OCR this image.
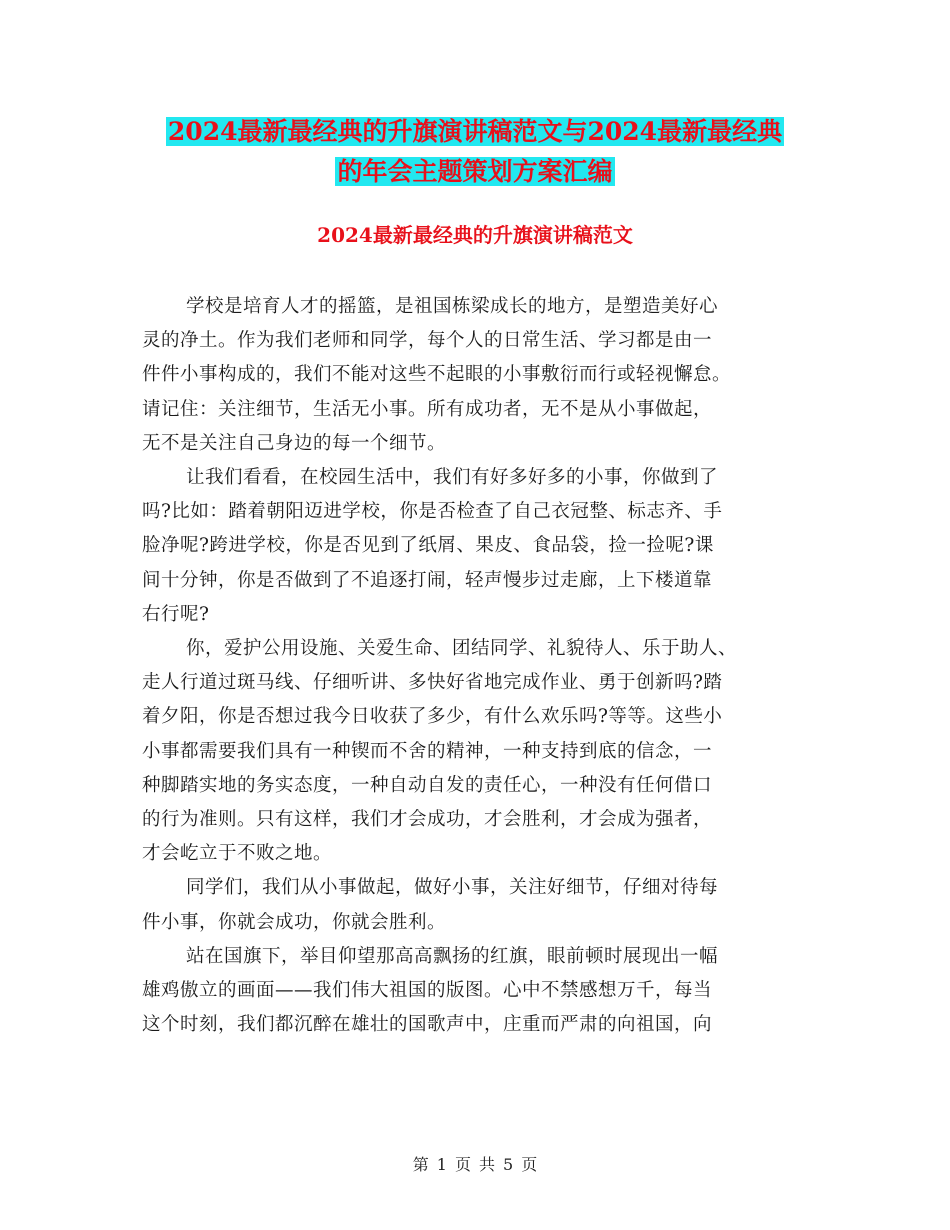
2024最新最经典的升旗演讲稿范文与2024最新最经典
的年会主题策划方案汇编
2024最新最经典的升旗演讲稿范文

学校是培育人才的摇篮，是祖国栋梁成长的地方，是塑造美好心
灵的净土。作为我们老师和同学，每个人的日常生活、学习都是由一
件件小事构成的，我们不能对这些不起眼的小事敷衍而行或轻视懈怠。
请记住：关注细节，生活无小事。所有成功者，无不是从小事做起，
无不是关注自己身边的每一个细节。

让我们看看，在校园生活中，我们有好多好多的小事，你做到了
吗?比如：踏着朝阳迈进学校，你是否检查了自己衣冠整、标志齐、手
脸净呢?跨进学校，你是否见到了纸屑、果皮、食品袋，捡一捡呢?课
间十分钟，你是否做到了不追逐打闹，轻声慢步过走廊，上下楼道靠
右行呢?

你，爱护公用设施、关爱生命、团结同学、礼貌待人、乐于助人、
走人行道过斑马线、仔细听讲、多快好省地完成作业、勇于创新吗?踏
着夕阳，你是否想过我今日收获了多少，有什么欢乐吗?等等。这些小
小事都需要我们具有一种锲而不舍的精神，一种支持到底的信念，一
种脚踏实地的务实态度，一种自动自发的责任心，一种没有任何借口
的行为准则。只有这样，我们才会成功，才会胜利，才会成为强者，
才会屹立于不败之地。

同学们，我们从小事做起，做好小事，关注好细节，仔细对待每
件小事，你就会成功，你就会胜利。

站在国旗下，举目仰望那高高飘扬的红旗，眼前顿时展现出一幅
雄鸡傲立的画面——我们伟大祖国的版图。心中不禁感想万千，每当
这个时刻，我们都沉醉在雄壮的国歌声中，庄重而严肃的向祖国，向

第 1 页 共 5 页
